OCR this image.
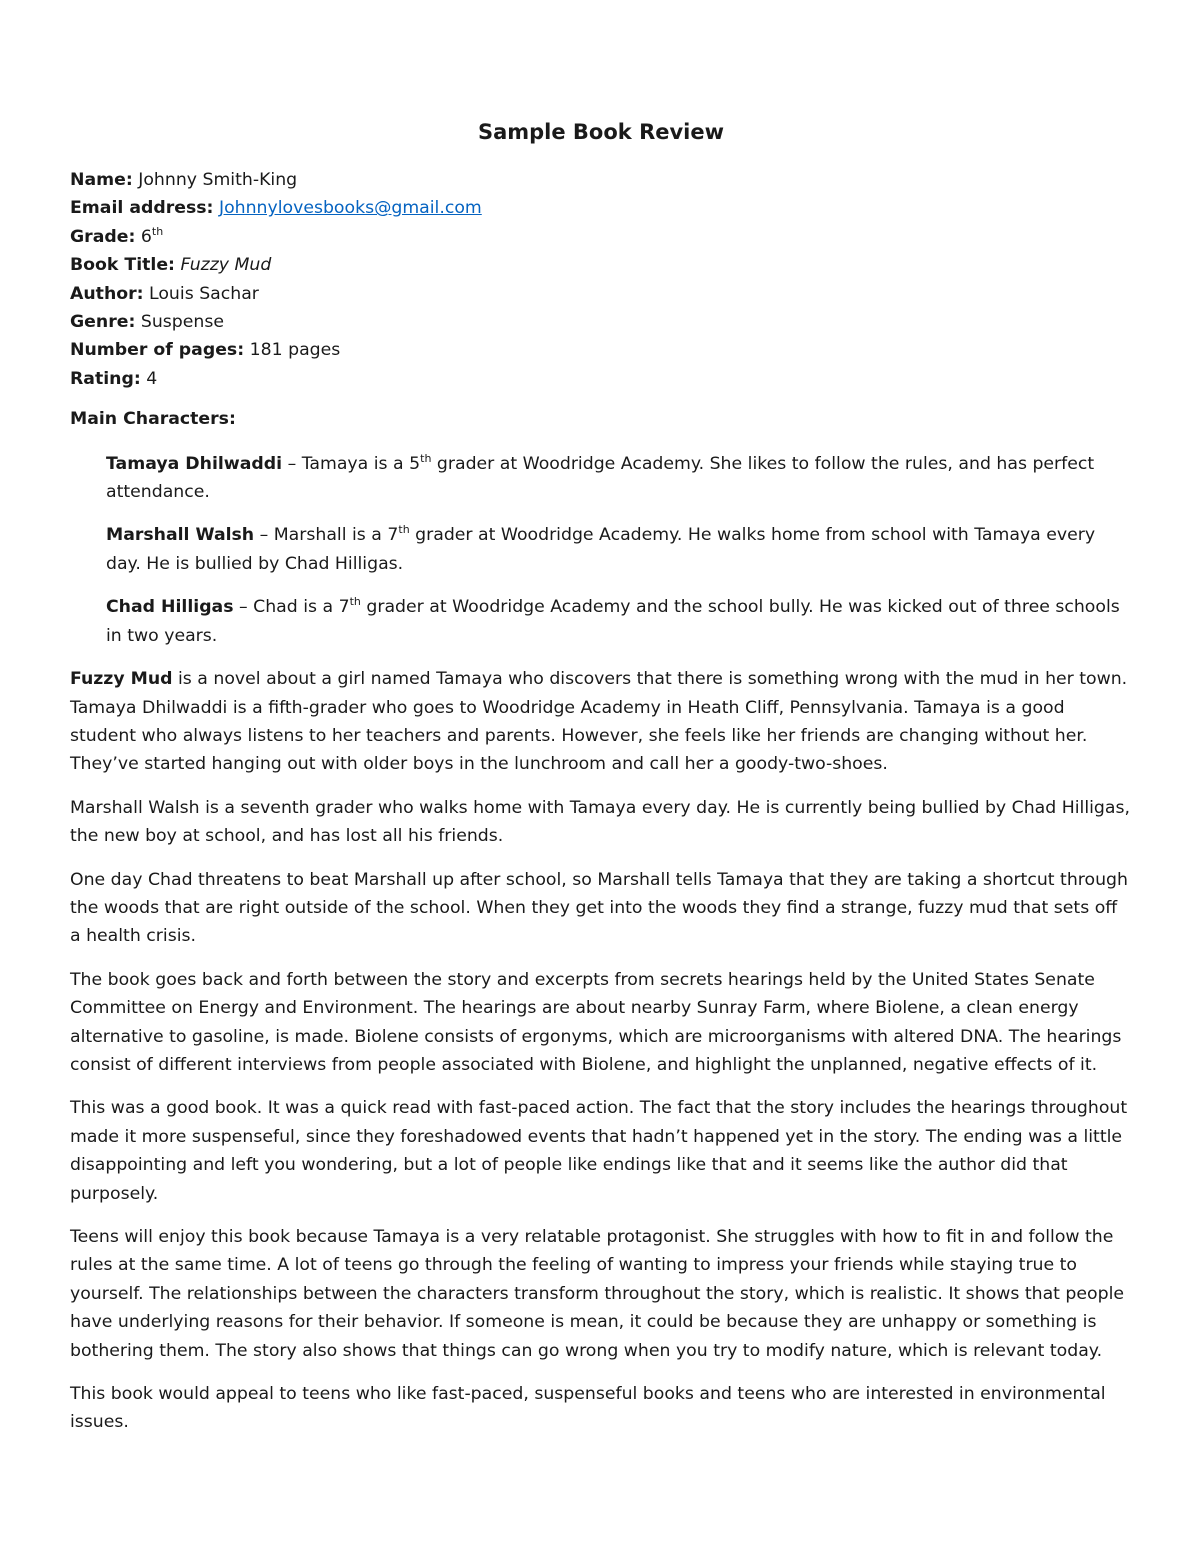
Sample Book Review
Name: Johnny Smith-King
Email address: Johnnylovesbooks@gmail.com
Grade: 6th
Book Title: Fuzzy Mud
Author: Louis Sachar
Genre: Suspense
Number of pages: 181 pages
Rating: 4
Main Characters:
Tamaya Dhilwaddi – Tamaya is a 5th grader at Woodridge Academy. She likes to follow the rules, and has perfect attendance.
Marshall Walsh – Marshall is a 7th grader at Woodridge Academy. He walks home from school with Tamaya every day. He is bullied by Chad Hilligas.
Chad Hilligas – Chad is a 7th grader at Woodridge Academy and the school bully. He was kicked out of three schools in two years.
Fuzzy Mud is a novel about a girl named Tamaya who discovers that there is something wrong with the mud in her town. Tamaya Dhilwaddi is a fifth-grader who goes to Woodridge Academy in Heath Cliff, Pennsylvania. Tamaya is a good student who always listens to her teachers and parents. However, she feels like her friends are changing without her. They’ve started hanging out with older boys in the lunchroom and call her a goody-two-shoes.
Marshall Walsh is a seventh grader who walks home with Tamaya every day. He is currently being bullied by Chad Hilligas, the new boy at school, and has lost all his friends.
One day Chad threatens to beat Marshall up after school, so Marshall tells Tamaya that they are taking a shortcut through the woods that are right outside of the school. When they get into the woods they find a strange, fuzzy mud that sets off a health crisis.
The book goes back and forth between the story and excerpts from secrets hearings held by the United States Senate Committee on Energy and Environment. The hearings are about nearby Sunray Farm, where Biolene, a clean energy alternative to gasoline, is made. Biolene consists of ergonyms, which are microorganisms with altered DNA. The hearings consist of different interviews from people associated with Biolene, and highlight the unplanned, negative effects of it.
This was a good book. It was a quick read with fast-paced action. The fact that the story includes the hearings throughout made it more suspenseful, since they foreshadowed events that hadn’t happened yet in the story. The ending was a little disappointing and left you wondering, but a lot of people like endings like that and it seems like the author did that purposely.
Teens will enjoy this book because Tamaya is a very relatable protagonist. She struggles with how to fit in and follow the rules at the same time. A lot of teens go through the feeling of wanting to impress your friends while staying true to yourself. The relationships between the characters transform throughout the story, which is realistic. It shows that people have underlying reasons for their behavior. If someone is mean, it could be because they are unhappy or something is bothering them. The story also shows that things can go wrong when you try to modify nature, which is relevant today.
This book would appeal to teens who like fast-paced, suspenseful books and teens who are interested in environmental issues.
